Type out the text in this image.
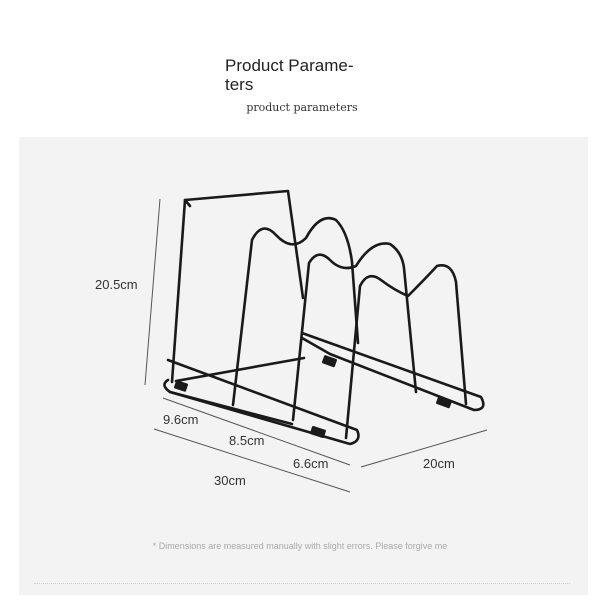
Product Parame-
ters
product parameters
20.5cm
9.6cm
8.5cm
6.6cm	20cm
30cm
* Dimensions are measured manually with slight errors. Please forgive me
